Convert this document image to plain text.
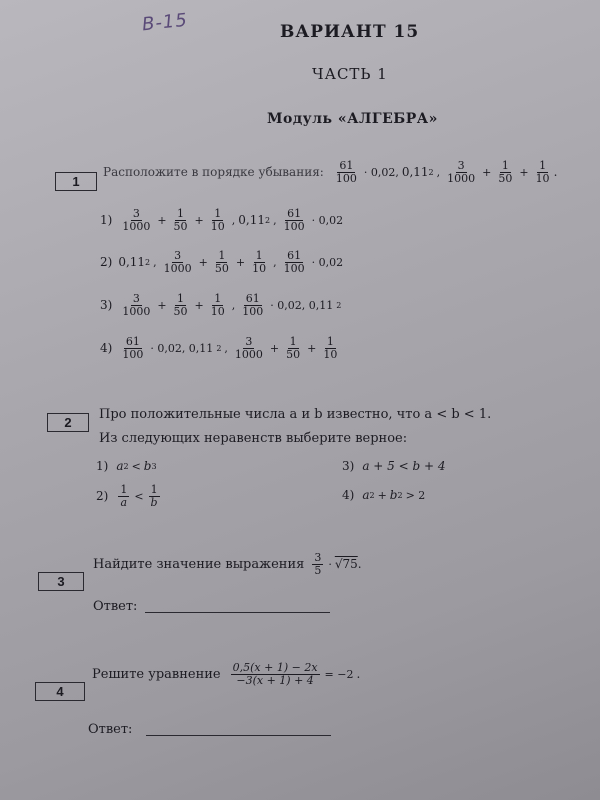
В-15	ВАРИАНТ 15
ЧАСТЬ 1
Модуль «АЛГЕБРА»
1
Расположите в порядке убывания: $\frac{61}{100} \cdot 0,02$, 0,11 2 , $\frac{3}{1000} + \frac{1}{50} + \frac{1}{10}$ .
$1) \frac{3}{1000} + \frac{1}{50} + \frac{1}{10}$ , 0,11 2 , $\frac{61}{100} \cdot 0,02$
2) 0,11 2 , $\frac{3}{1000} + \frac{1}{50} + \frac{1}{10}$ , $\frac{61}{100} \cdot 0,02$
$3) \frac{3}{1000} + \frac{1}{50} + \frac{1}{10}$ , $\frac{61}{100} \cdot 0,02$, 0,11 2
$4) \frac{61}{100} \cdot 0,02$, 0,11 2 , $\frac{3}{1000} + \frac{1}{50} + \frac{1}{10}$
2
Про положительные числа a и b известно, что a < b < 1.
Из следующих неравенств выберите верное:
1) a 2 < b 3
$2) \frac{1}{a} < \frac{1}{b}$
3) a + 5 < b + 4
4) a 2 + b 2 > 2
3
Найдите значение выражения $\frac{3}{5} \cdot √75$ .
Ответ:
4
Решите уравнение $\frac{0,5(x + 1) - 2x}{-3(x + 1) + 4} = -2$ .
Ответ:
